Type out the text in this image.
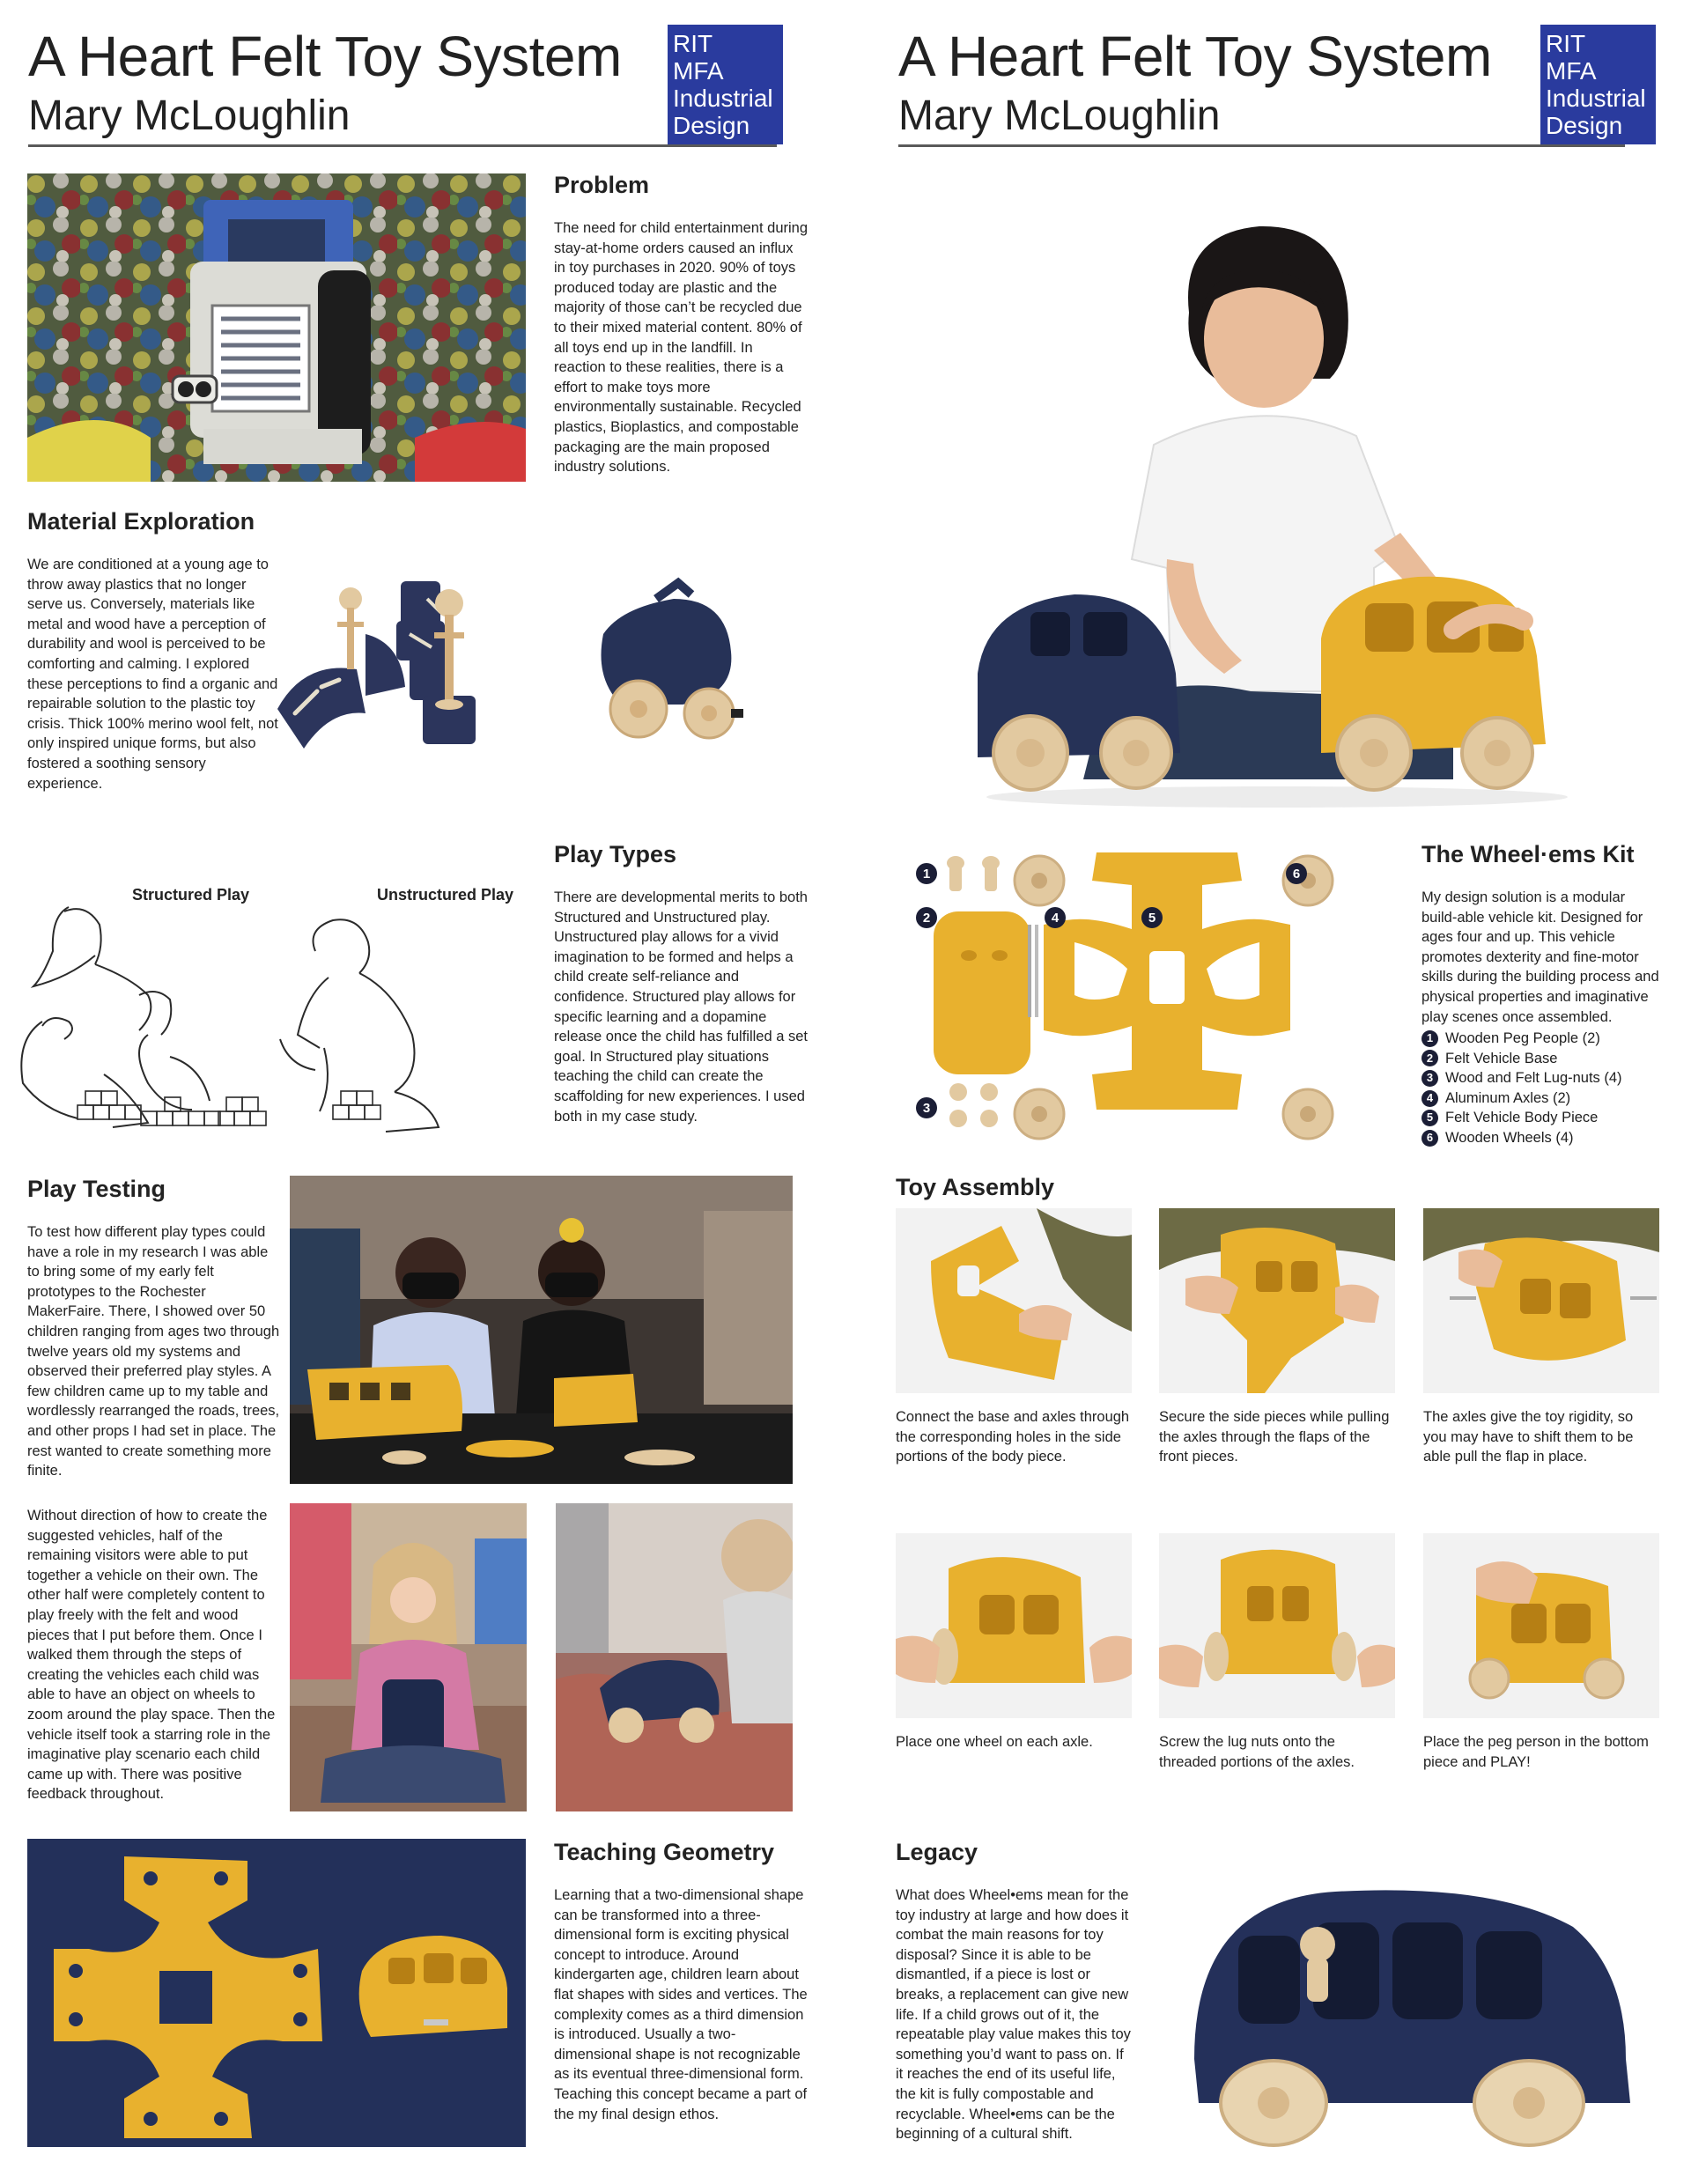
A Heart Felt Toy System
Mary McLoughlin
RIT
MFA
Industrial
Design
Problem
The need for child entertainment during stay-at-home orders caused an influx in toy purchases in 2020. 90% of toys produced today are plastic and the majority of those can’t be recycled due to their mixed material content. 80% of all toys end up in the landfill. In reaction to these realities, there is a effort to make toys more environmentally sustainable. Recycled plastics, Bioplastics, and compostable packaging are the main proposed industry solutions.
Material Exploration
We are conditioned at a young age to throw away plastics that no longer serve us. Conversely, materials like metal and wood have a perception of durability and wool is perceived to be comforting and calming. I explored these perceptions to find a organic and repairable solution to the plastic toy crisis. Thick 100% merino wool felt, not only inspired unique forms, but also fostered a soothing sensory experience.
Structured Play	Unstructured Play
Play Types
There are developmental merits to both Structured and Unstructured play. Unstructured play allows for a vivid imagination to be formed and helps a child create self-reliance and confidence. Structured play allows for specific learning and a dopamine release once the child has fulfilled a set goal. In Structured play situations teaching the child can create the scaffolding for new experiences. I used both in my case study.
Play Testing
To test how different play types could have a role in my research I was able to bring some of my early felt prototypes to the Rochester MakerFaire. There, I showed over 50 children ranging from ages two through twelve years old my systems and observed their preferred play styles. A few children came up to my table and wordlessly rearranged the roads, trees, and other props I had set in place. The rest wanted to create something more finite.
Without direction of how to create the suggested vehicles, half of the remaining visitors were able to put together a vehicle on their own. The other half were completely content to play freely with the felt and wood pieces that I put before them. Once I walked them through the steps of creating the vehicles each child was able to have an object on wheels to zoom around the play space. Then the vehicle itself took a starring role in the imaginative play scenario each child came up with. There was positive feedback throughout.
Teaching Geometry
Learning that a two-dimensional shape can be transformed into a three-dimensional form is exciting physical concept to introduce. Around kindergarten age, children learn about flat shapes with sides and vertices. The complexity comes as a third dimension is introduced. Usually a two-dimensional shape is not recognizable as its eventual three-dimensional form. Teaching this concept became a part of the my final design ethos.
A Heart Felt Toy System
Mary McLoughlin
RIT
MFA
Industrial
Design
1
2
3
4	5
6
The Wheel·ems Kit
My design solution is a modular build-able vehicle kit. Designed for ages four and up. This vehicle promotes dexterity and fine-motor skills during the building process and physical properties and imaginative play scenes once assembled.
1 Wooden Peg People (2)
2 Felt Vehicle Base
3 Wood and Felt Lug-nuts (4)
4 Aluminum Axles (2)
5 Felt Vehicle Body Piece
6 Wooden Wheels (4)
Toy Assembly
Connect the base and axles through the corresponding holes in the side portions of the body piece.
Secure the side pieces while pulling the axles through the flaps of the front pieces.
The axles give the toy rigidity, so you may have to shift them to be able pull the flap in place.
Place one wheel on each axle.	Screw the lug nuts onto the threaded portions of the axles.
Place the peg person in the bottom piece and PLAY!
Legacy
What does Wheel•ems mean for the toy industry at large and how does it combat the main reasons for toy disposal? Since it is able to be dismantled, if a piece is lost or breaks, a replacement can give new life. If a child grows out of it, the repeatable play value makes this toy something you’d want to pass on. If it reaches the end of its useful life, the kit is fully compostable and recyclable. Wheel•ems can be the beginning of a cultural shift.
